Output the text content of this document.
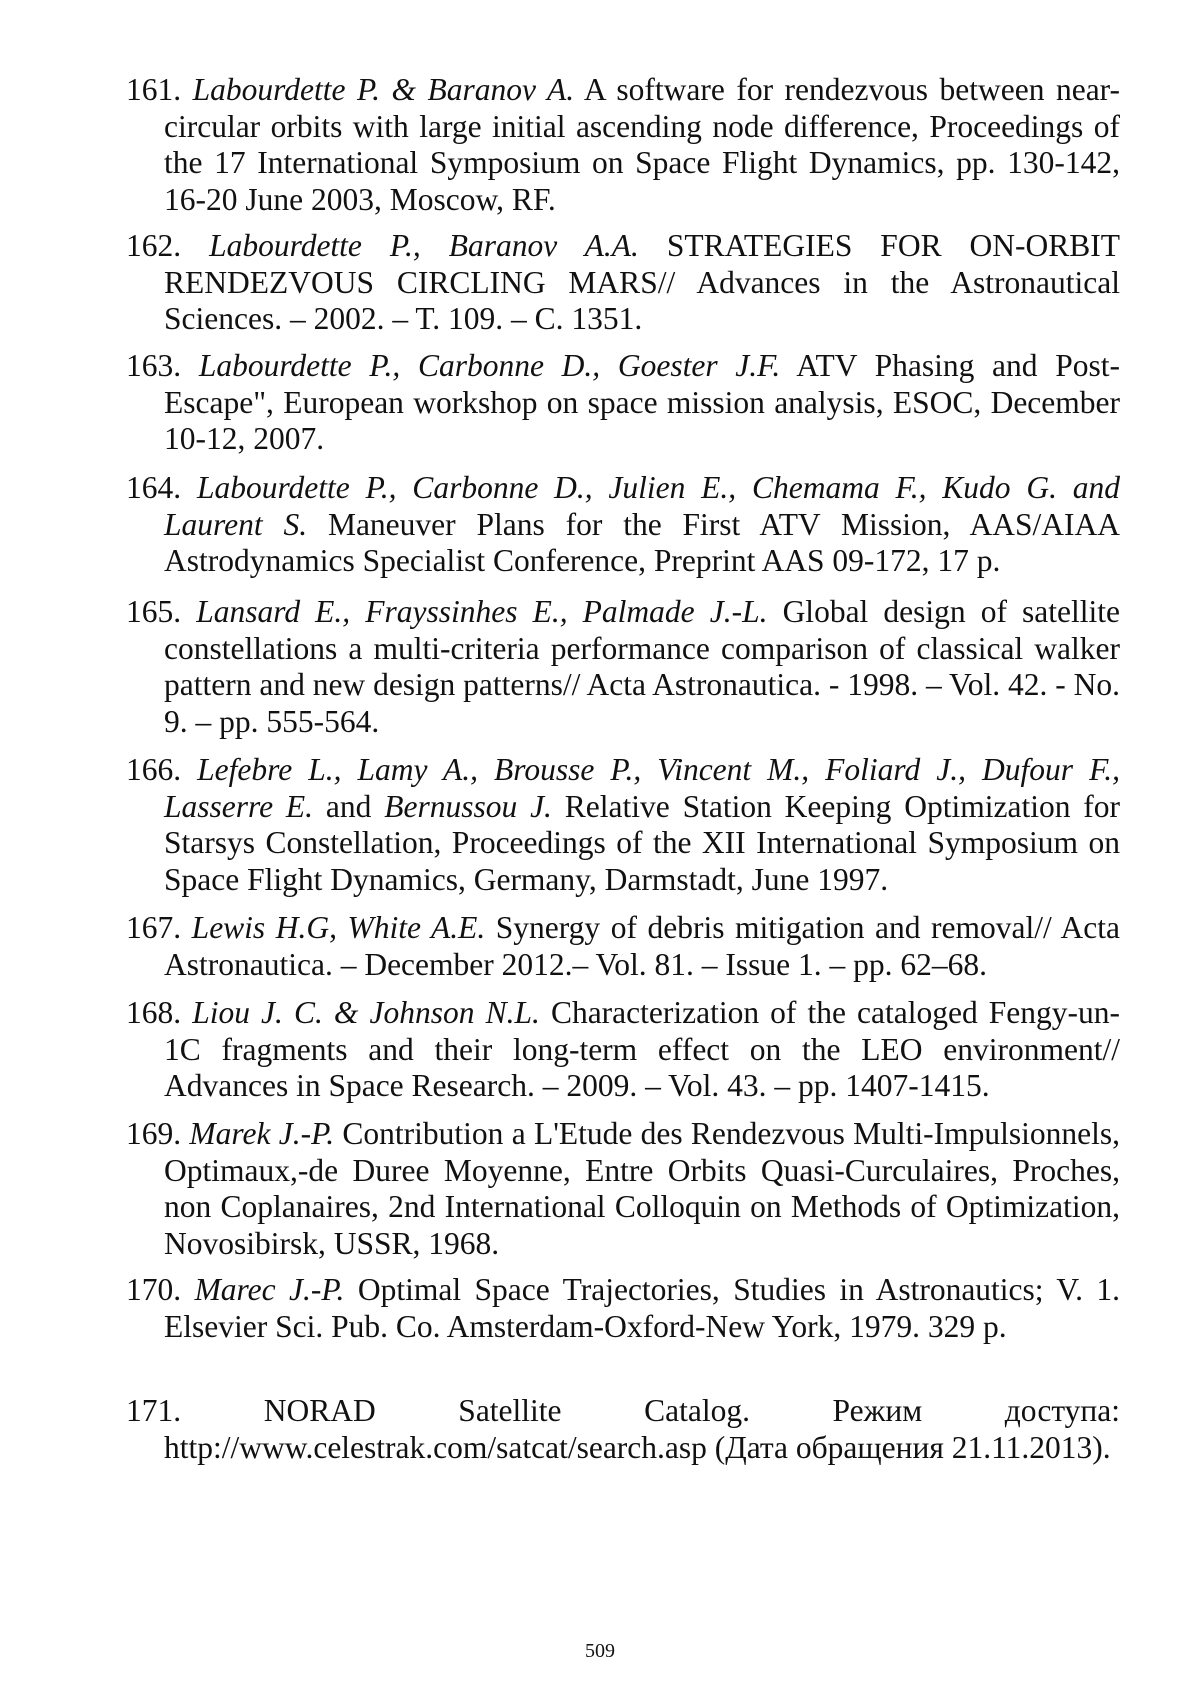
161. Labourdette P. & Baranov A. A software for rendezvous between near-circular orbits with large initial ascending node difference, Proceedings of the 17 International Symposium on Space Flight Dynamics, pp. 130-142, 16-20 June 2003, Moscow, RF.

162. Labourdette P., Baranov A.A. STRATEGIES FOR ON-ORBIT RENDEZVOUS CIRCLING MARS// Advances in the Astronautical Sciences. – 2002. – T. 109. – C. 1351.

163. Labourdette P., Carbonne D., Goester J.F. ATV Phasing and Post-Escape", European workshop on space mission analysis, ESOC, December 10-12, 2007.

164. Labourdette P., Carbonne D., Julien E., Chemama F., Kudo G. and Laurent S. Maneuver Plans for the First ATV Mission, AAS/AIAA Astrodynamics Specialist Conference, Preprint AAS 09-172, 17 p.

165. Lansard E., Frayssinhes E., Palmade J.-L. Global design of satellite constellations a multi-criteria performance comparison of classical walker pattern and new design patterns// Acta Astronautica. - 1998. – Vol. 42. - No. 9. – pp. 555-564.

166. Lefebre L., Lamy A., Brousse P., Vincent M., Foliard J., Dufour F., Lasserre E. and Bernussou J. Relative Station Keeping Optimization for Starsys Constellation, Proceedings of the XII International Symposium on Space Flight Dynamics, Germany, Darmstadt, June 1997.

167. Lewis H.G, White A.E. Synergy of debris mitigation and removal// Acta Astronautica. – December 2012.– Vol. 81. – Issue 1. – pp. 62–68.

168. Liou J. C. & Johnson N.L. Characterization of the cataloged Fengy-un-1C fragments and their long-term effect on the LEO environment// Advances in Space Research. – 2009. – Vol. 43. – pp. 1407-1415.

169. Marek J.-P. Contribution a L'Etude des Rendezvous Multi-Impulsionnels, Optimaux,-de Duree Moyenne, Entre Orbits Quasi-Curculaires, Proches, non Coplanaires, 2nd International Colloquin on Methods of Optimization, Novosibirsk, USSR, 1968.

170. Marec J.-P. Optimal Space Trajectories, Studies in Astronautics; V. 1. Elsevier Sci. Pub. Co. Amsterdam-Oxford-New York, 1979. 329 p.

171.	NORAD Satellite Catalog. Режим доступа: http://www.celestrak.com/satcat/search.asp (Дата обращения 21.11.2013).

509
